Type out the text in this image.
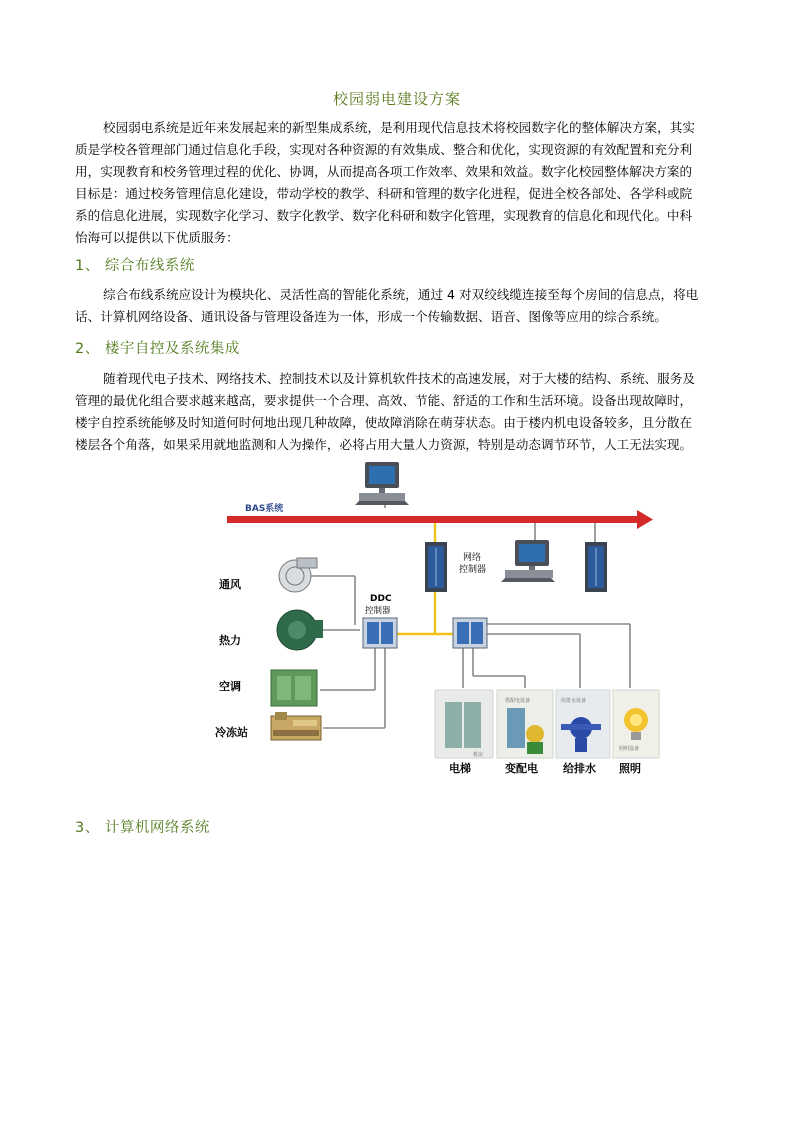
校园弱电建设方案
校园弱电系统是近年来发展起来的新型集成系统，是利用现代信息技术将校园数字化的整体解决方案，其实
质是学校各管理部门通过信息化手段，实现对各种资源的有效集成、整合和优化，实现资源的有效配置和充分利
用，实现教育和校务管理过程的优化、协调，从而提高各项工作效率、效果和效益。数字化校园整体解决方案的
目标是：通过校务管理信息化建设，带动学校的教学、科研和管理的数字化进程，促进全校各部处、各学科或院
系的信息化进展，实现数字化学习、数字化教学、数字化科研和数字化管理，实现教育的信息化和现代化。中科
怡海可以提供以下优质服务：
1、 综合布线系统
综合布线系统应设计为模块化、灵活性高的智能化系统，通过 4 对双绞线缆连接至每个房间的信息点，将电
话、计算机网络设备、通讯设备与管理设备连为一体，形成一个传输数据、语音、图像等应用的综合系统。
2、 楼宇自控及系统集成
随着现代电子技术、网络技术、控制技术以及计算机软件技术的高速发展，对于大楼的结构、系统、服务及
管理的最优化组合要求越来越高，要求提供一个合理、高效、节能、舒适的工作和生活环境。设备出现故障时，
楼宇自控系统能够及时知道何时何地出现几种故障，使故障消除在萌芽状态。由于楼内机电设备较多，且分散在
楼层各个角落，如果采用就地监测和人为操作，必将占用大量人力资源，特别是动态调节环节，人工无法实现。
BAS系统
网络
控制器
DDC
控制器
通风
热力
空调
冷冻站
机房
供配电设备	给排水设备
照明设备
电梯	变配电 给排水 照明
3、 计算机网络系统
